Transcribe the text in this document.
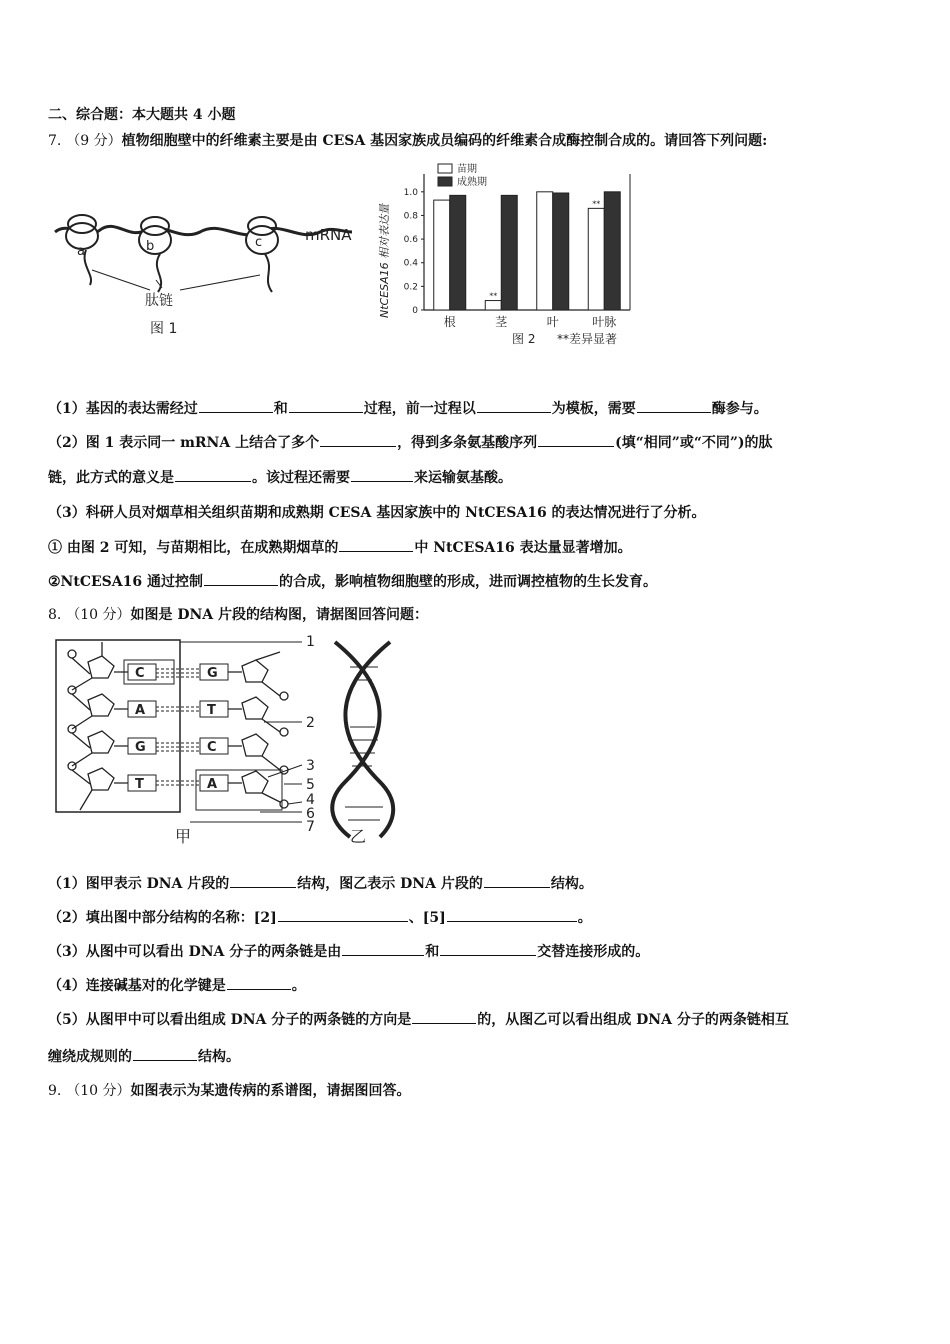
二、综合题：本大题共 4 小题
7. （9 分）植物细胞壁中的纤维素主要是由 CESA 基因家族成员编码的纤维素合成酶控制合成的。请回答下列问题:
a	b	c	mRNA
肽链
图 1
NtCESA16 相对表达量 0
0.2
0.4
0.6
0.8
1.0
**
**
根	茎	叶	叶脉
苗期
成熟期
图 2 **差异显著
（1）基因的表达需经过	和	过程，前一过程以	为模板，需要	酶参与。
（2）图 1 表示同一 mRNA 上结合了多个	，得到多条氨基酸序列	(填“相同”或“不同”)的肽
链，此方式的意义是	。该过程还需要	来运输氨基酸。
（3）科研人员对烟草相关组织苗期和成熟期 CESA 基因家族中的 NtCESA16 的表达情况进行了分析。
① 由图 2 可知，与苗期相比，在成熟期烟草的	中 NtCESA16 表达量显著增加。
②NtCESA16 通过控制	的合成，影响植物细胞壁的形成，进而调控植物的生长发育。
8. （10 分）如图是 DNA 片段的结构图，请据图回答问题：
C
A
G
T
G
T
C
A
1
2
3
5
4
6
7
甲	乙
（1）图甲表示 DNA 片段的	结构，图乙表示 DNA 片段的	结构。
（2）填出图中部分结构的名称：[2]	、[5]	。
（3）从图中可以看出 DNA 分子的两条链是由	和	交替连接形成的。
（4）连接碱基对的化学键是	。
（5）从图甲中可以看出组成 DNA 分子的两条链的方向是	的，从图乙可以看出组成 DNA 分子的两条链相互
缠绕成规则的	结构。
9. （10 分）如图表示为某遗传病的系谱图，请据图回答。
